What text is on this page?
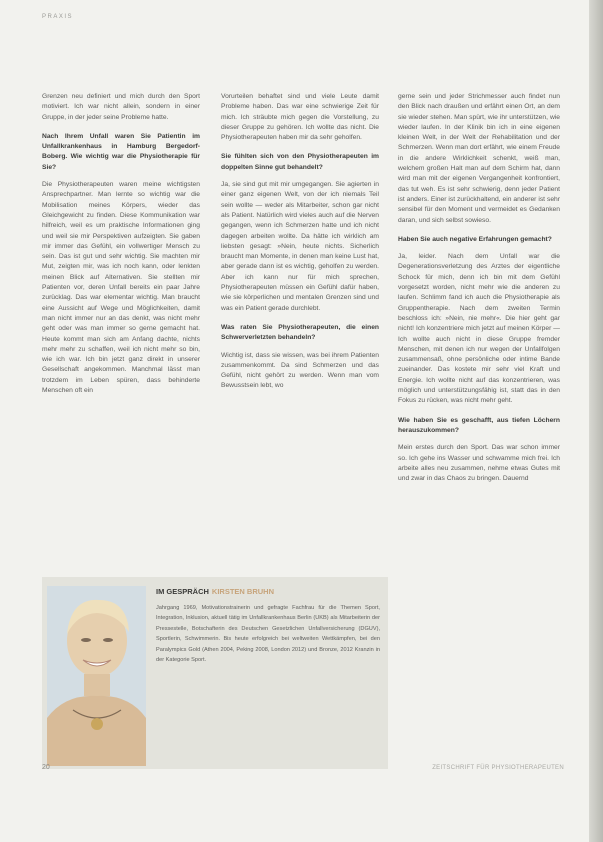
PRAXIS

Grenzen neu definiert und mich durch den Sport motiviert. Ich war nicht allein, sondern in einer Gruppe, in der jeder seine Probleme hatte.

Nach Ihrem Unfall waren Sie Patientin im Unfallkrankenhaus in Hamburg Bergedorf-Boberg. Wie wichtig war die Physiotherapie für Sie?

Die Physiotherapeuten waren meine wichtigsten Ansprechpartner. Man lernte so wichtig war die Mobilisation meines Körpers, wieder das Gleichgewicht zu finden. Diese Kommunikation war hilfreich, weil es um praktische Informationen ging und weil sie mir Perspektiven aufzeigten. Sie gaben mir immer das Gefühl, ein vollwertiger Mensch zu sein. Das ist gut und sehr wichtig. Sie machten mir Mut, zeigten mir, was ich noch kann, oder lenkten meinen Blick auf Alternativen. Sie stellten mir Patienten vor, deren Unfall bereits ein paar Jahre zurücklag. Das war elementar wichtig. Man braucht eine Aussicht auf Wege und Möglichkeiten, damit man nicht immer nur an das denkt, was nicht mehr geht oder was man immer so gerne gemacht hat. Heute kommt man sich am Anfang dachte, nichts mehr mehr zu schaffen, weil ich nicht mehr so bin, wie ich war. Ich bin jetzt ganz direkt in unserer Gesellschaft angekommen. Manchmal lässt man trotzdem im Leben spüren, dass behinderte Menschen oft ein

Vorurteilen behaftet sind und viele Leute damit Probleme haben. Das war eine schwierige Zeit für mich. Ich sträubte mich gegen die Vorstellung, zu dieser Gruppe zu gehören. Ich wollte das nicht. Die Physiotherapeuten haben mir da sehr geholfen.

Sie fühlten sich von den Physiotherapeuten im doppelten Sinne gut behandelt?

Ja, sie sind gut mit mir umgegangen. Sie agierten in einer ganz eigenen Welt, von der ich niemals Teil sein wollte — weder als Mitarbeiter, schon gar nicht als Patient. Natürlich wird vieles auch auf die Nerven gegangen, wenn ich Schmerzen hatte und ich nicht dagegen arbeiten wollte. Da hätte ich wirklich am liebsten gesagt: »Nein, heute nichts. Sicherlich braucht man Momente, in denen man keine Lust hat, aber gerade dann ist es wichtig, geholfen zu werden. Aber ich kann nur für mich sprechen, Physiotherapeuten müssen ein Gefühl dafür haben, wie sie körperlichen und mentalen Grenzen sind und was ein Patient gerade durchlebt.

Was raten Sie Physiotherapeuten, die einen Schwerverletzten behandeln?

Wichtig ist, dass sie wissen, was bei ihrem Patienten zusammenkommt. Da sind Schmerzen und das Gefühl, nicht gehört zu werden. Wenn man vom Bewusstsein lebt, wo

gerne sein und jeder Strichmesser auch findet nun den Blick nach draußen und erfährt einen Ort, an dem sie wieder stehen. Man spürt, wie ihr unterstützen, wie wieder laufen. In der Klinik bin ich in eine eigenen kleinen Welt, in der Welt der Rehabilitation und der Schmerzen. Wenn man dort erfährt, wie einem Freude in die andere Wirklichkeit schenkt, weiß man, welchem großen Halt man auf dem Schirm hat, dann wird man mit der eigenen Vergangenheit konfrontiert, das tut weh. Es ist sehr schwierig, denn jeder Patient ist anders. Einer ist zurückhaltend, ein anderer ist sehr sensibel für den Moment und vermeidet es Gedanken daran, und sich selbst sowieso.

Haben Sie auch negative Erfahrungen gemacht?

Ja, leider. Nach dem Unfall war die Degenerationsverletzung des Arztes der eigentliche Schock für mich, denn ich bin mit dem Gefühl vorgesetzt worden, nicht mehr wie die anderen zu laufen. Schlimm fand ich auch die Physiotherapie als Gruppentherapie. Nach dem zweiten Termin beschloss ich: »Nein, nie mehr«. Die hier geht gar nicht! Ich konzentriere mich jetzt auf meinen Körper — Ich wollte auch nicht in diese Gruppe fremder Menschen, mit denen ich nur wegen der Unfallfolgen zusammensaß, ohne persönliche oder intime Bande zueinander. Das kostete mir sehr viel Kraft und Energie. Ich wollte nicht auf das konzentrieren, was möglich und unterstützungsfähig ist, statt das in den Fokus zu rücken, was nicht mehr geht.

Wie haben Sie es geschafft, aus tiefen Löchern herauszukommen?

Mein erstes durch den Sport. Das war schon immer so. Ich gehe ins Wasser und schwamme mich frei. Ich arbeite alles neu zusammen, nehme etwas Gutes mit und zwar in das Chaos zu bringen. Dauernd

IM GESPRÄCH KIRSTEN BRUHN
Jahrgang 1969, Motivationstrainerin und gefragte Fachfrau für die Themen Sport, Integration, Inklusion, aktuell tätig im Unfallkrankenhaus Berlin (UKB) als Mitarbeiterin der Pressestelle, Botschafterin des Deutschen Gesetzlichen Unfallversicherung (DGUV), Sportlerin, Schwimmerin. Bis heute erfolgreich bei weltweiten Wettkämpfen, bei den Paralympics Gold (Athen 2004, Peking 2008, London 2012) und Bronze, 2012 Kranzin in der Kategorie Sport.
20	ZEITSCHRIFT FÜR PHYSIOTHERAPEUTEN
